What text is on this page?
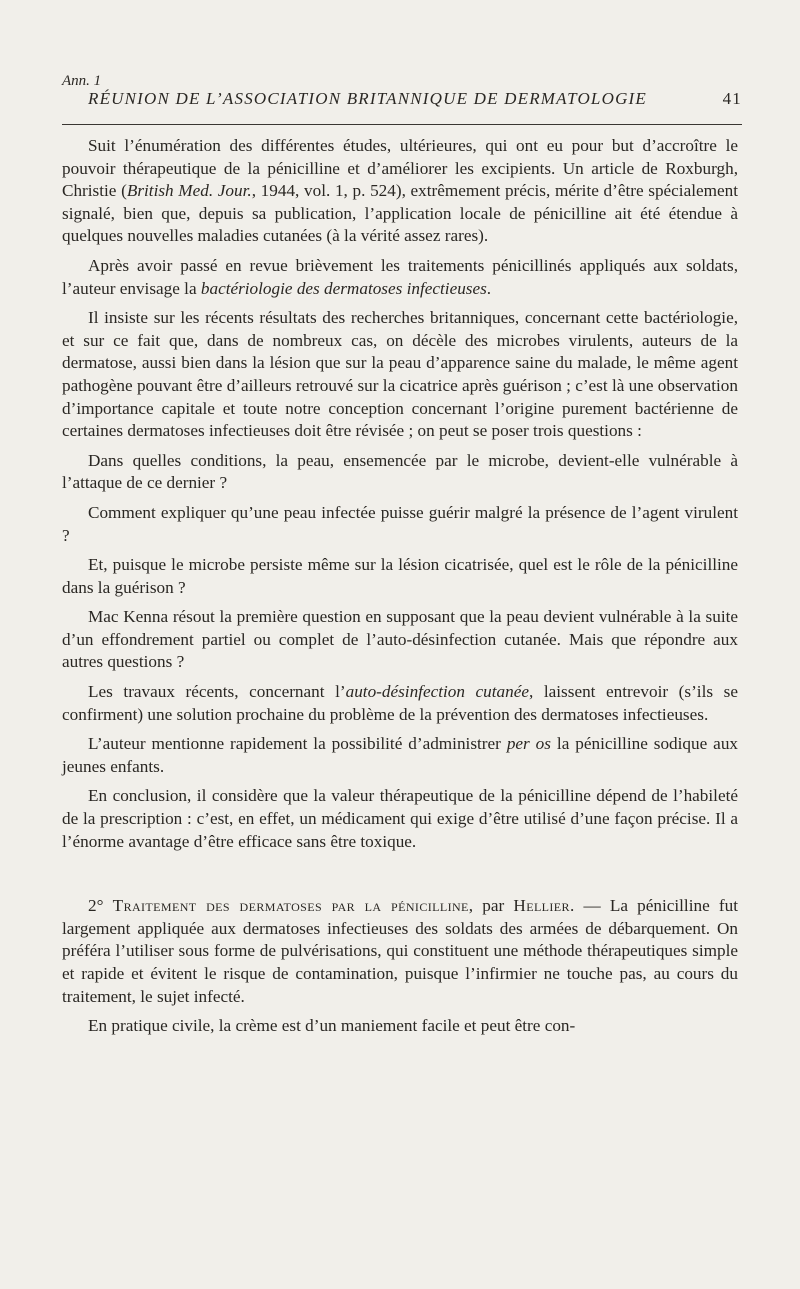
Ann. 1
RÉUNION DE L’ASSOCIATION BRITANNIQUE DE DERMATOLOGIE	41

Suit l’énumération des différentes études, ultérieures, qui ont eu pour but d’accroître le pouvoir thérapeutique de la pénicilline et d’améliorer les excipients. Un article de Roxburgh, Christie (British Med. Jour., 1944, vol. 1, p. 524), extrêmement précis, mérite d’être spécialement signalé, bien que, depuis sa publication, l’application locale de pénicilline ait été étendue à quelques nouvelles maladies cutanées (à la vérité assez rares).

Après avoir passé en revue brièvement les traitements pénicillinés appliqués aux soldats, l’auteur envisage la bactériologie des dermatoses infectieuses.

Il insiste sur les récents résultats des recherches britanniques, concernant cette bactériologie, et sur ce fait que, dans de nombreux cas, on décèle des microbes virulents, auteurs de la dermatose, aussi bien dans la lésion que sur la peau d’apparence saine du malade, le même agent pathogène pouvant être d’ailleurs retrouvé sur la cicatrice après guérison ; c’est là une observation d’importance capitale et toute notre conception concernant l’origine purement bactérienne de certaines dermatoses infectieuses doit être révisée ; on peut se poser trois questions :

Dans quelles conditions, la peau, ensemencée par le microbe, devient-elle vulnérable à l’attaque de ce dernier ?

Comment expliquer qu’une peau infectée puisse guérir malgré la présence de l’agent virulent ?

Et, puisque le microbe persiste même sur la lésion cicatrisée, quel est le rôle de la pénicilline dans la guérison ?

Mac Kenna résout la première question en supposant que la peau devient vulnérable à la suite d’un effondrement partiel ou complet de l’auto-désinfection cutanée. Mais que répondre aux autres questions ?

Les travaux récents, concernant l’auto-désinfection cutanée, laissent entrevoir (s’ils se confirment) une solution prochaine du problème de la prévention des dermatoses infectieuses.

L’auteur mentionne rapidement la possibilité d’administrer per os la pénicilline sodique aux jeunes enfants.

En conclusion, il considère que la valeur thérapeutique de la pénicilline dépend de l’habileté de la prescription : c’est, en effet, un médicament qui exige d’être utilisé d’une façon précise. Il a l’énorme avantage d’être efficace sans être toxique.

2° Traitement des dermatoses par la pénicilline, par Hellier. — La pénicilline fut largement appliquée aux dermatoses infectieuses des soldats des armées de débarquement. On préféra l’utiliser sous forme de pulvérisations, qui constituent une méthode thérapeutiques simple et rapide et évitent le risque de contamination, puisque l’infirmier ne touche pas, au cours du traitement, le sujet infecté.

En pratique civile, la crème est d’un maniement facile et peut être con-
